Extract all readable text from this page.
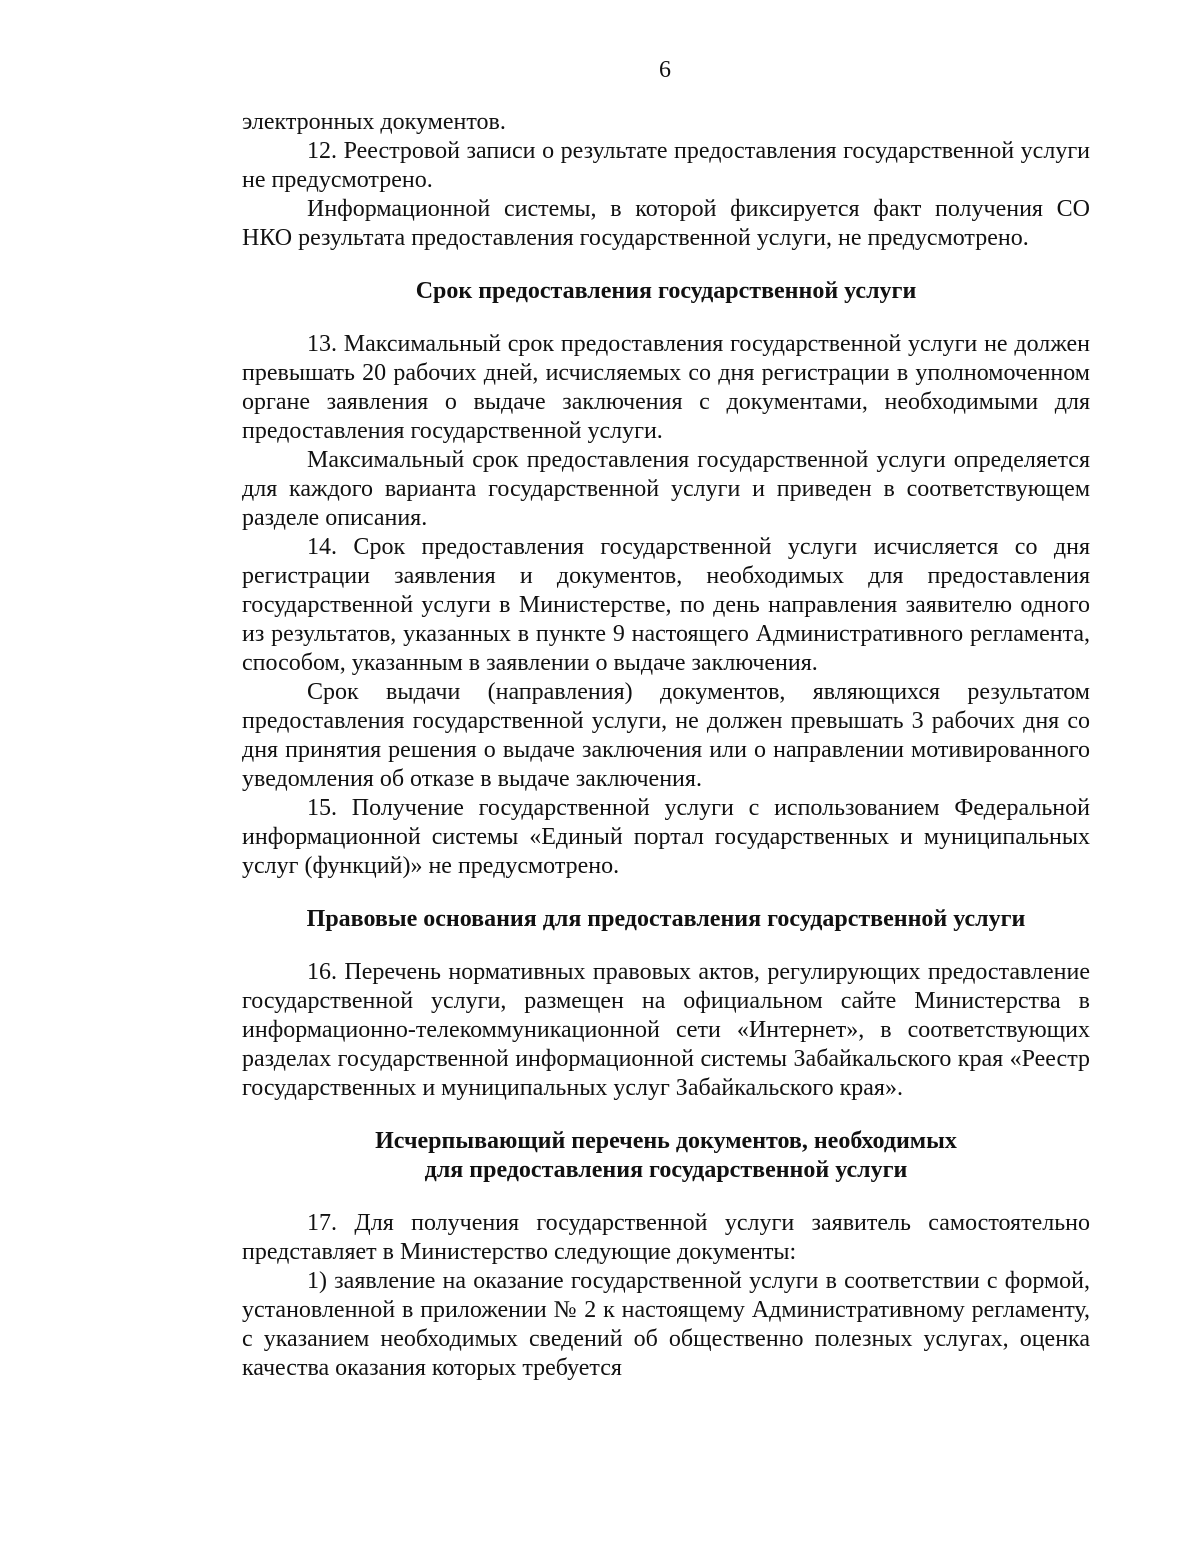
6

электронных документов.

12. Реестровой записи о результате предоставления государственной услуги не предусмотрено.

Информационной системы, в которой фиксируется факт получения СО НКО результата предоставления государственной услуги, не предусмотрено.

Срок предоставления государственной услуги

13. Максимальный срок предоставления государственной услуги не должен превышать 20 рабочих дней, исчисляемых со дня регистрации в уполномоченном органе заявления о выдаче заключения с документами, необходимыми для предоставления государственной услуги.

Максимальный срок предоставления государственной услуги определяется для каждого варианта государственной услуги и приведен в соответствующем разделе описания.

14. Срок предоставления государственной услуги исчисляется со дня регистрации заявления и документов, необходимых для предоставления государственной услуги в Министерстве, по день направления заявителю одного из результатов, указанных в пункте 9 настоящего Административного регламента, способом, указанным в заявлении о выдаче заключения.

Срок выдачи (направления) документов, являющихся результатом предоставления государственной услуги, не должен превышать 3 рабочих дня со дня принятия решения о выдаче заключения или о направлении мотивированного уведомления об отказе в выдаче заключения.

15. Получение государственной услуги с использованием Федеральной информационной системы «Единый портал государственных и муниципальных услуг (функций)» не предусмотрено.

Правовые основания для предоставления государственной услуги

16. Перечень нормативных правовых актов, регулирующих предоставление государственной услуги, размещен на официальном сайте Министерства в информационно-телекоммуникационной сети «Интернет», в соответствующих разделах государственной информационной системы Забайкальского края «Реестр государственных и муниципальных услуг Забайкальского края».

Исчерпывающий перечень документов, необходимых
для предоставления государственной услуги

17. Для получения государственной услуги заявитель самостоятельно представляет в Министерство следующие документы:

1) заявление на оказание государственной услуги в соответствии с формой, установленной в приложении № 2 к настоящему Административному регламенту, с указанием необходимых сведений об общественно полезных услугах, оценка качества оказания которых требуется
